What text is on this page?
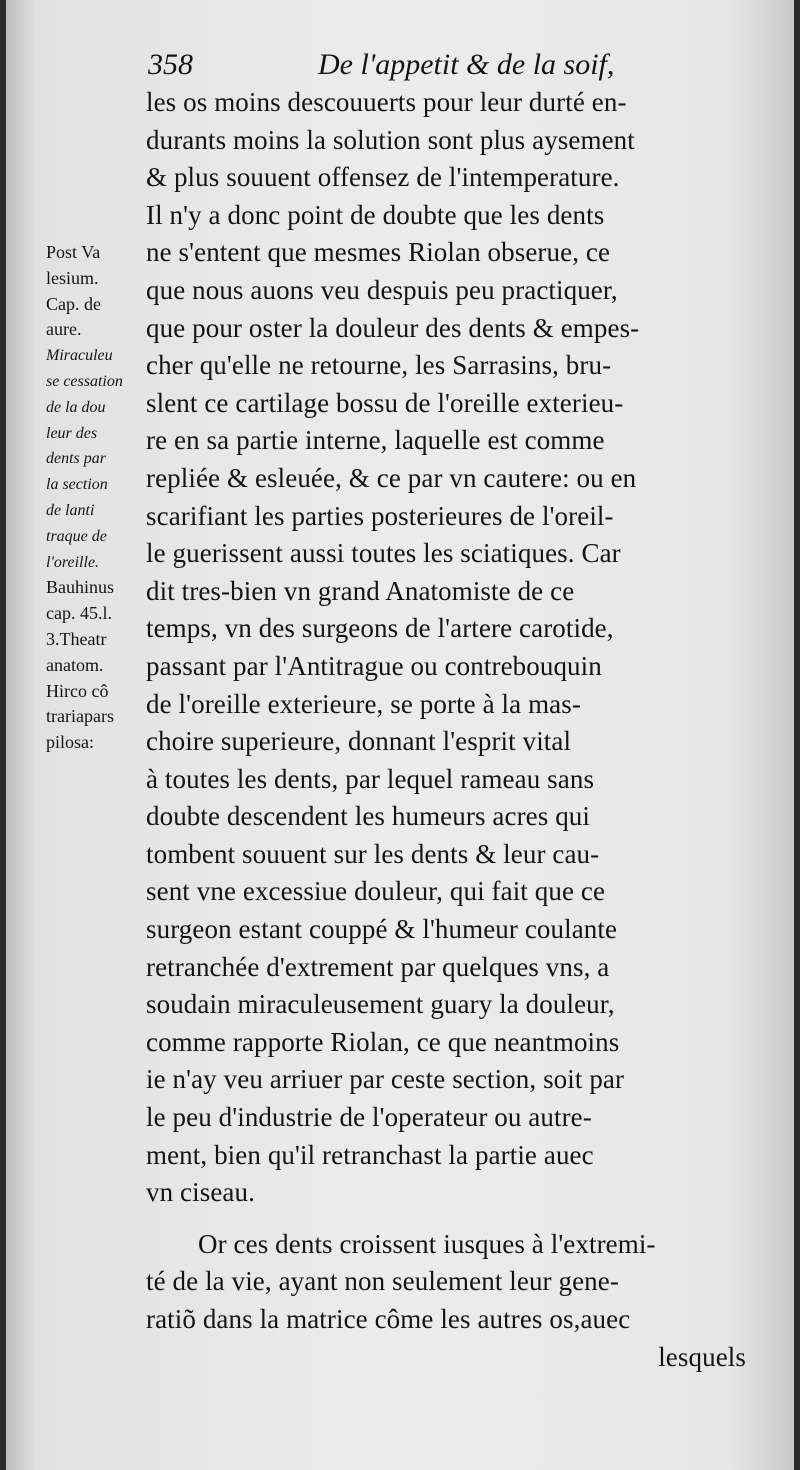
358	De l'appetit & de la soif,
les os moins descouuerts pour leur durté en-
durants moins la solution sont plus aysement
& plus souuent offensez de l'intemperature.
Il n'y a donc point de doubte que les dents
ne s'entent que mesmes Riolan obserue, ce
que nous auons veu despuis peu practiquer,
que pour oster la douleur des dents & empes-
cher qu'elle ne retourne, les Sarrasins, bru-
slent ce cartilage bossu de l'oreille exterieu-
re en sa partie interne, laquelle est comme
repliée & esleuée, & ce par vn cautere: ou en
scarifiant les parties posterieures de l'oreil-
le guerissent aussi toutes les sciatiques. Car
dit tres-bien vn grand Anatomiste de ce
temps, vn des surgeons de l'artere carotide,
passant par l'Antitrague ou contrebouquin
de l'oreille exterieure, se porte à la mas-
choire superieure, donnant l'esprit vital
à toutes les dents, par lequel rameau sans
doubte descendent les humeurs acres qui
tombent souuent sur les dents & leur cau-
sent vne excessiue douleur, qui fait que ce
surgeon estant couppé & l'humeur coulante
retranchée d'extrement par quelques vns, a
soudain miraculeusement guary la douleur,
comme rapporte Riolan, ce que neantmoins
ie n'ay veu arriuer par ceste section, soit par
le peu d'industrie de l'operateur ou autre-
ment, bien qu'il retranchast la partie auec
vn ciseau.
Or ces dents croissent iusques à l'extremi-
té de la vie, ayant non seulement leur gene-
ratiõ dans la matrice côme les autres os,auec
lesquels
Post Va
lesium.
Cap. de
aure.
Miraculeu
se cessation
de la dou
leur des
dents par
la section
de lanti
traque de
l'oreille.
Bauhinus
cap. 45.l.
3.Theatr
anatom.
Hirco cô
trariapars
pilosa:
